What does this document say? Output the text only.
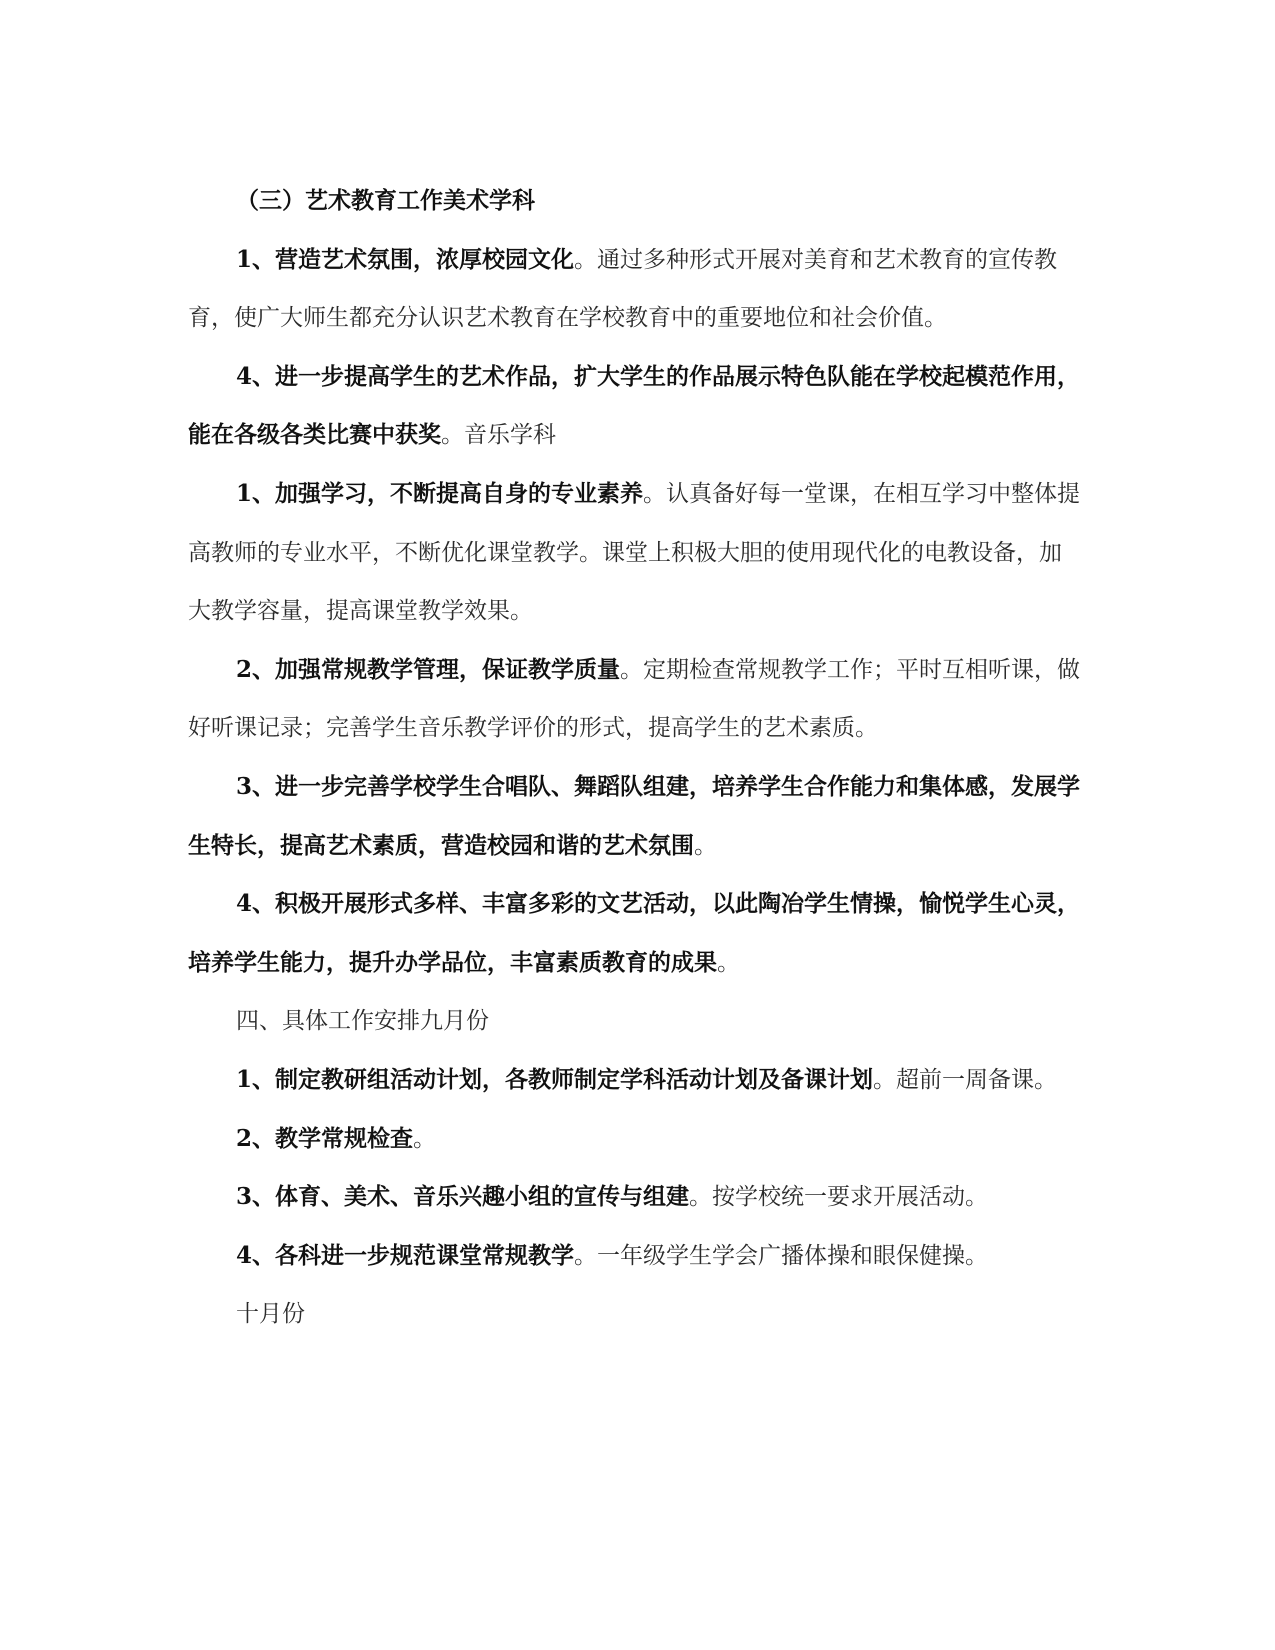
（三）艺术教育工作美术学科

1、营造艺术氛围，浓厚校园文化。通过多种形式开展对美育和艺术教育的宣传教育，使广大师生都充分认识艺术教育在学校教育中的重要地位和社会价值。

4、进一步提高学生的艺术作品，扩大学生的作品展示特色队能在学校起模范作用，能在各级各类比赛中获奖。音乐学科

1、加强学习，不断提高自身的专业素养。认真备好每一堂课，在相互学习中整体提高教师的专业水平，不断优化课堂教学。课堂上积极大胆的使用现代化的电教设备，加大教学容量，提高课堂教学效果。

2、加强常规教学管理，保证教学质量。定期检查常规教学工作；平时互相听课，做好听课记录；完善学生音乐教学评价的形式，提高学生的艺术素质。

3、进一步完善学校学生合唱队、舞蹈队组建，培养学生合作能力和集体感，发展学生特长，提高艺术素质，营造校园和谐的艺术氛围。

4、积极开展形式多样、丰富多彩的文艺活动，以此陶冶学生情操，愉悦学生心灵，培养学生能力，提升办学品位，丰富素质教育的成果。

四、具体工作安排九月份

1、制定教研组活动计划，各教师制定学科活动计划及备课计划。超前一周备课。

2、教学常规检查。

3、体育、美术、音乐兴趣小组的宣传与组建。按学校统一要求开展活动。

4、各科进一步规范课堂常规教学。一年级学生学会广播体操和眼保健操。

十月份
